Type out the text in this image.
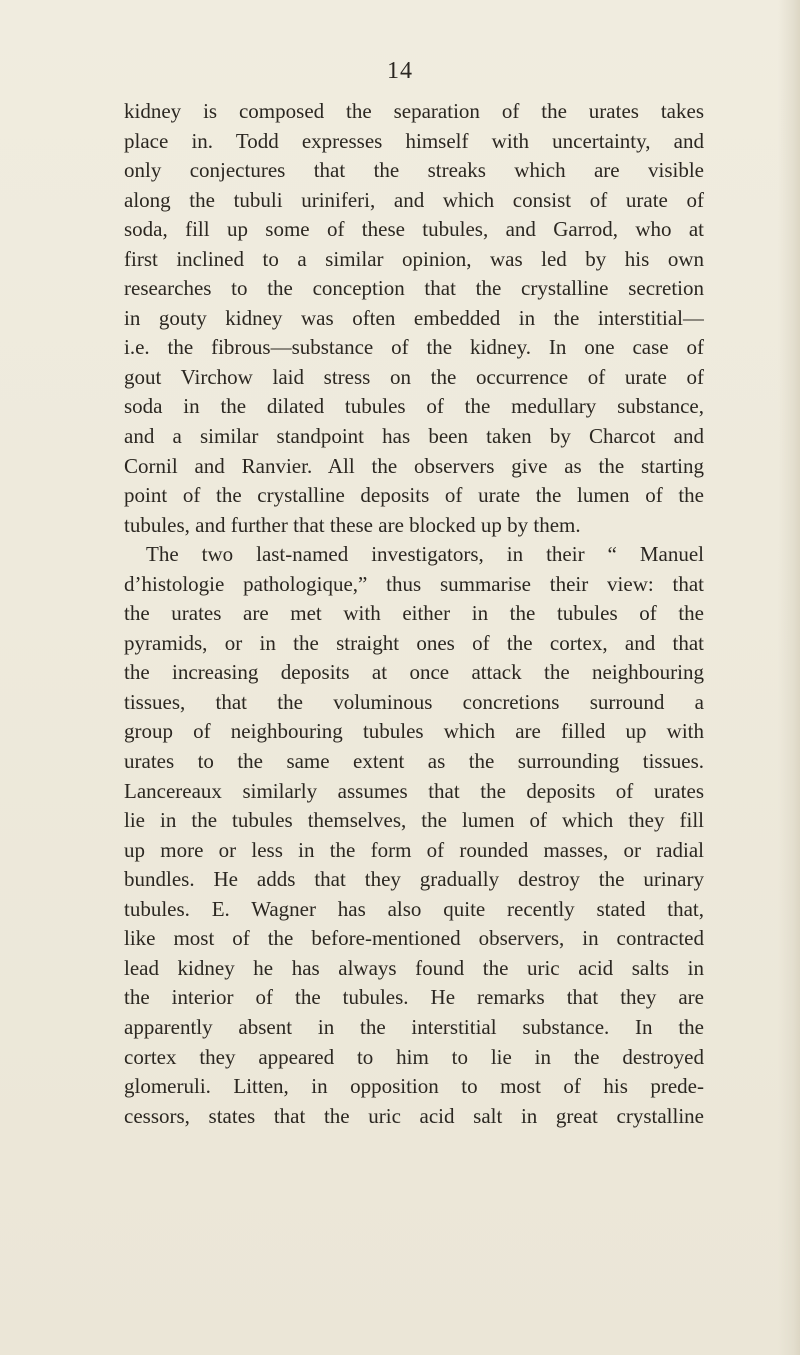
14
kidney is composed the separation of the urates takes
place in. Todd expresses himself with uncertainty, and
only conjectures that the streaks which are visible
along the tubuli uriniferi, and which consist of urate of
soda, fill up some of these tubules, and Garrod, who at
first inclined to a similar opinion, was led by his own
researches to the conception that the crystalline secretion
in gouty kidney was often embedded in the interstitial—
i.e. the fibrous—substance of the kidney. In one case of
gout Virchow laid stress on the occurrence of urate of
soda in the dilated tubules of the medullary substance,
and a similar standpoint has been taken by Charcot and
Cornil and Ranvier. All the observers give as the starting
point of the crystalline deposits of urate the lumen of the
tubules, and further that these are blocked up by them.
The two last-named investigators, in their “ Manuel
d’histologie pathologique,” thus summarise their view: that
the urates are met with either in the tubules of the
pyramids, or in the straight ones of the cortex, and that
the increasing deposits at once attack the neighbouring
tissues, that the voluminous concretions surround a
group of neighbouring tubules which are filled up with
urates to the same extent as the surrounding tissues.
Lancereaux similarly assumes that the deposits of urates
lie in the tubules themselves, the lumen of which they fill
up more or less in the form of rounded masses, or radial
bundles. He adds that they gradually destroy the urinary
tubules. E. Wagner has also quite recently stated that,
like most of the before-mentioned observers, in contracted
lead kidney he has always found the uric acid salts in
the interior of the tubules. He remarks that they are
apparently absent in the interstitial substance. In the
cortex they appeared to him to lie in the destroyed
glomeruli. Litten, in opposition to most of his prede-
cessors, states that the uric acid salt in great crystalline
